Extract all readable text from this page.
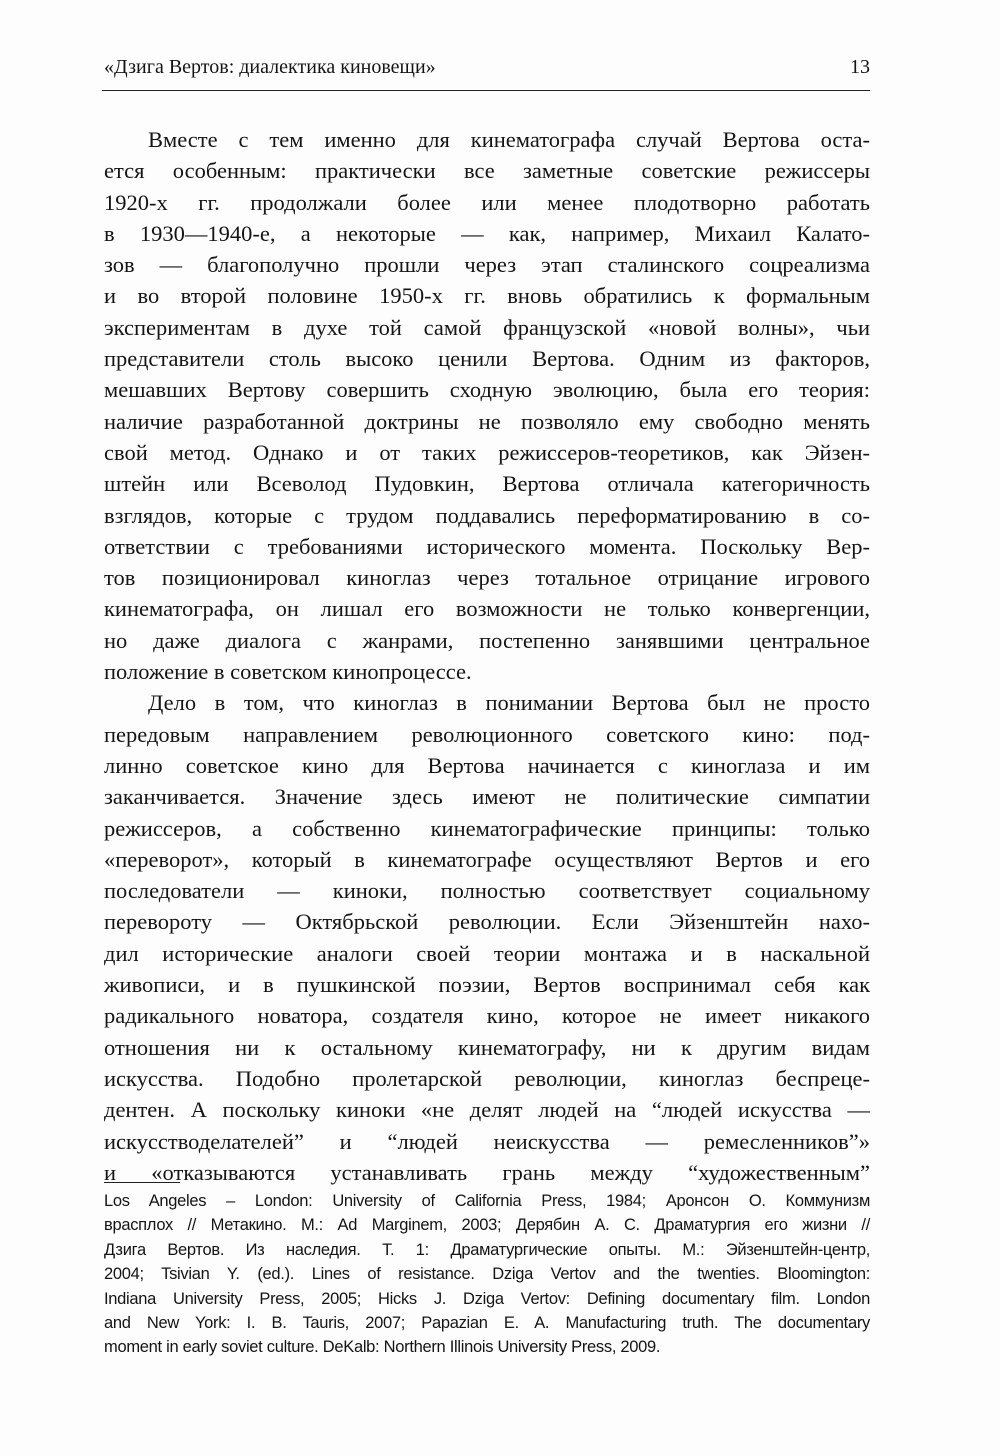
«Дзига Вертов: диалектика киновещи»	13
Вместе с тем именно для кинематографа случай Вертова оста-
ется особенным: практически все заметные советские режиссеры
1920-х гг. продолжали более или менее плодотворно работать
в 1930—1940-е, а некоторые — как, например, Михаил Калато-
зов — благополучно прошли через этап сталинского соцреализма
и во второй половине 1950-х гг. вновь обратились к формальным
экспериментам в духе той самой французской «новой волны», чьи
представители столь высоко ценили Вертова. Одним из факторов,
мешавших Вертову совершить сходную эволюцию, была его теория:
наличие разработанной доктрины не позволяло ему свободно менять
свой метод. Однако и от таких режиссеров-теоретиков, как Эйзен-
штейн или Всеволод Пудовкин, Вертова отличала категоричность
взглядов, которые с трудом поддавались переформатированию в со-
ответствии с требованиями исторического момента. Поскольку Вер-
тов позиционировал киноглаз через тотальное отрицание игрового
кинематографа, он лишал его возможности не только конвергенции,
но даже диалога с жанрами, постепенно занявшими центральное
положение в советском кинопроцессе.
Дело в том, что киноглаз в понимании Вертова был не просто
передовым направлением революционного советского кино: под-
линно советское кино для Вертова начинается с киноглаза и им
заканчивается. Значение здесь имеют не политические симпатии
режиссеров, а собственно кинематографические принципы: только
«переворот», который в кинематографе осуществляют Вертов и его
последователи — киноки, полностью соответствует социальному
перевороту — Октябрьской революции. Если Эйзенштейн нахо-
дил исторические аналоги своей теории монтажа и в наскальной
живописи, и в пушкинской поэзии, Вертов воспринимал себя как
радикального новатора, создателя кино, которое не имеет никакого
отношения ни к остальному кинематографу, ни к другим видам
искусства. Подобно пролетарской революции, киноглаз беспреце-
дентен. А поскольку киноки «не делят людей на “людей искусства —
искусстводелателей” и “людей неискусства — ремесленников”»
и «отказываются устанавливать грань между “художественным”
Los Angeles – London: University of California Press, 1984; Аронсон О. Коммунизм
врасплох // Метакино. М.: Ad Marginem, 2003; Дерябин А. С. Драматургия его жизни //
Дзига Вертов. Из наследия. Т. 1: Драматургические опыты. М.: Эйзенштейн-центр,
2004; Tsivian Y. (ed.). Lines of resistance. Dziga Vertov and the twenties. Bloomington:
Indiana University Press, 2005; Hicks J. Dziga Vertov: Defining documentary film. London
and New York: I. B. Tauris, 2007; Papazian E. A. Manufacturing truth. The documentary
moment in early soviet culture. DeKalb: Northern Illinois University Press, 2009.
